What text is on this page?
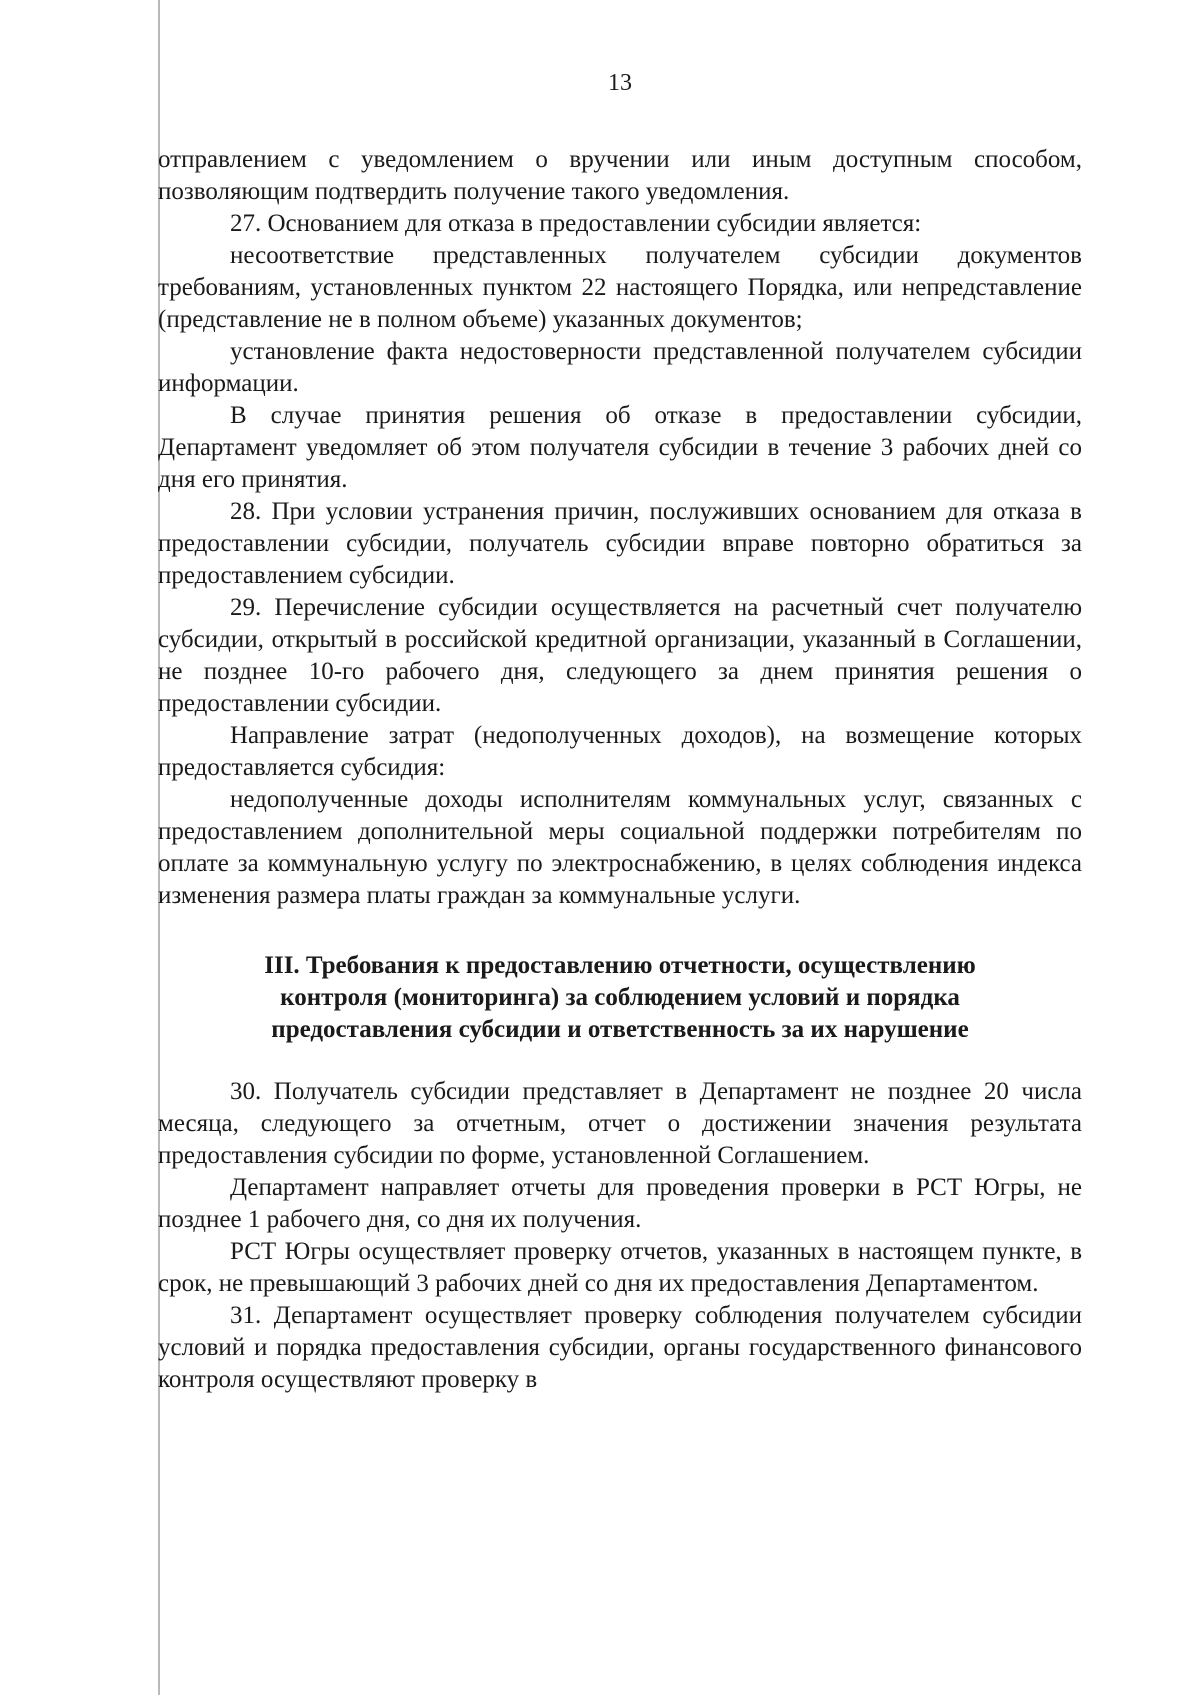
13

отправлением с уведомлением о вручении или иным доступным способом, позволяющим подтвердить получение такого уведомления.

27. Основанием для отказа в предоставлении субсидии является:

несоответствие представленных получателем субсидии документов требованиям, установленных пунктом 22 настоящего Порядка, или непредставление (представление не в полном объеме) указанных документов;

установление факта недостоверности представленной получателем субсидии информации.

В случае принятия решения об отказе в предоставлении субсидии, Департамент уведомляет об этом получателя субсидии в течение 3 рабочих дней со дня его принятия.

28. При условии устранения причин, послуживших основанием для отказа в предоставлении субсидии, получатель субсидии вправе повторно обратиться за предоставлением субсидии.

29. Перечисление субсидии осуществляется на расчетный счет получателю субсидии, открытый в российской кредитной организации, указанный в Соглашении, не позднее 10-го рабочего дня, следующего за днем принятия решения о предоставлении субсидии.

Направление затрат (недополученных доходов), на возмещение которых предоставляется субсидия:

недополученные доходы исполнителям коммунальных услуг, связанных с предоставлением дополнительной меры социальной поддержки потребителям по оплате за коммунальную услугу по электроснабжению, в целях соблюдения индекса изменения размера платы граждан за коммунальные услуги.

III. Требования к предоставлению отчетности, осуществлению
контроля (мониторинга) за соблюдением условий и порядка
предоставления субсидии и ответственность за их нарушение

30. Получатель субсидии представляет в Департамент не позднее 20 числа месяца, следующего за отчетным, отчет о достижении значения результата предоставления субсидии по форме, установленной Соглашением.

Департамент направляет отчеты для проведения проверки в РСТ Югры, не позднее 1 рабочего дня, со дня их получения.

РСТ Югры осуществляет проверку отчетов, указанных в настоящем пункте, в срок, не превышающий 3 рабочих дней со дня их предоставления Департаментом.

31. Департамент осуществляет проверку соблюдения получателем субсидии условий и порядка предоставления субсидии, органы государственного финансового контроля осуществляют проверку в
